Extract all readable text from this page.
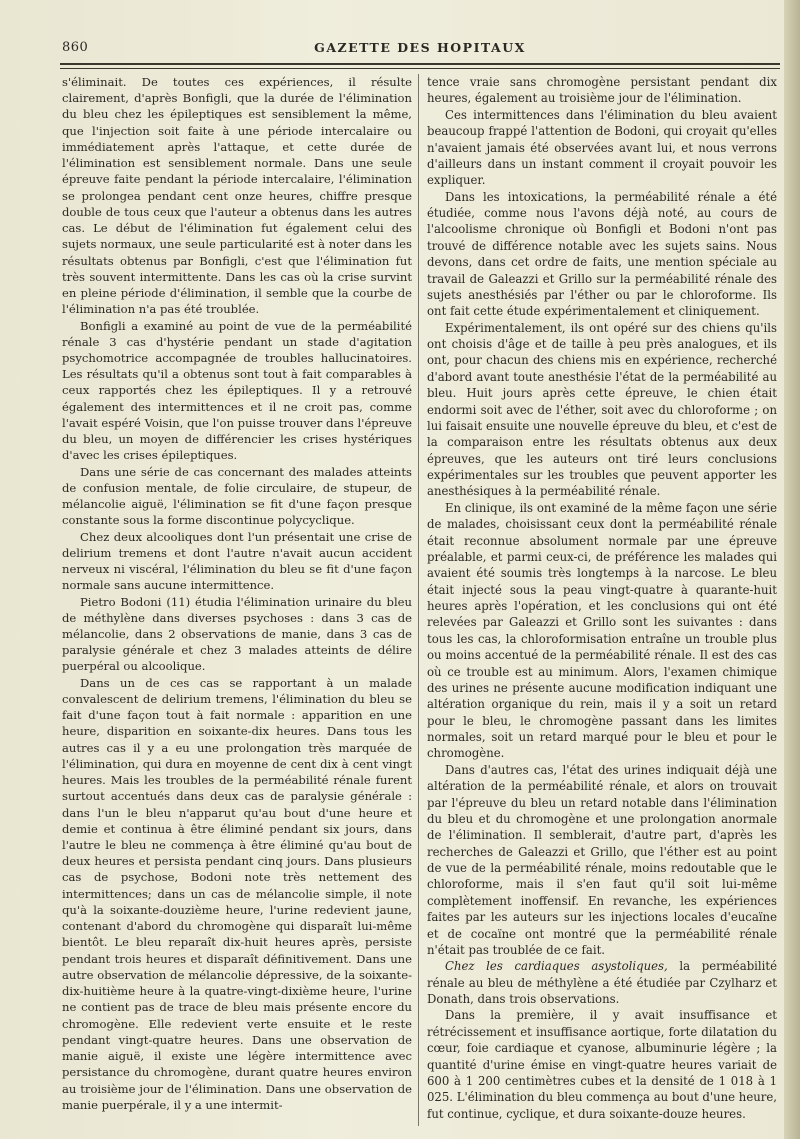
860	GAZETTE DES HOPITAUX

s'éliminait. De toutes ces expériences, il résulte clairement, d'après Bonfigli, que la durée de l'élimination du bleu chez les épileptiques est sensiblement la même, que l'injection soit faite à une période intercalaire ou immédiatement après l'attaque, et cette durée de l'élimination est sensiblement normale. Dans une seule épreuve faite pendant la période intercalaire, l'élimination se prolongea pendant cent onze heures, chiffre presque double de tous ceux que l'auteur a obtenus dans les autres cas. Le début de l'élimination fut également celui des sujets normaux, une seule particularité est à noter dans les résultats obtenus par Bonfigli, c'est que l'élimination fut très souvent intermittente. Dans les cas où la crise survint en pleine période d'élimination, il semble que la courbe de l'élimination n'a pas été troublée.

Bonfigli a examiné au point de vue de la perméabilité rénale 3 cas d'hystérie pendant un stade d'agitation psychomotrice accompagnée de troubles hallucinatoires. Les résultats qu'il a obtenus sont tout à fait comparables à ceux rapportés chez les épileptiques. Il y a retrouvé également des intermittences et il ne croit pas, comme l'avait espéré Voisin, que l'on puisse trouver dans l'épreuve du bleu, un moyen de différencier les crises hystériques d'avec les crises épileptiques.

Dans une série de cas concernant des malades atteints de confusion mentale, de folie circulaire, de stupeur, de mélancolie aiguë, l'élimination se fit d'une façon presque constante sous la forme discontinue polycyclique.

Chez deux alcooliques dont l'un présentait une crise de delirium tremens et dont l'autre n'avait aucun accident nerveux ni viscéral, l'élimination du bleu se fit d'une façon normale sans aucune intermittence.

Pietro Bodoni (11) étudia l'élimination urinaire du bleu de méthylène dans diverses psychoses : dans 3 cas de mélancolie, dans 2 observations de manie, dans 3 cas de paralysie générale et chez 3 malades atteints de délire puerpéral ou alcoolique.

Dans un de ces cas se rapportant à un malade convalescent de delirium tremens, l'élimination du bleu se fait d'une façon tout à fait normale : apparition en une heure, disparition en soixante-dix heures. Dans tous les autres cas il y a eu une prolongation très marquée de l'élimination, qui dura en moyenne de cent dix à cent vingt heures. Mais les troubles de la perméabilité rénale furent surtout accentués dans deux cas de paralysie générale : dans l'un le bleu n'apparut qu'au bout d'une heure et demie et continua à être éliminé pendant six jours, dans l'autre le bleu ne commença à être éliminé qu'au bout de deux heures et persista pendant cinq jours. Dans plusieurs cas de psychose, Bodoni note très nettement des intermittences; dans un cas de mélancolie simple, il note qu'à la soixante-douzième heure, l'urine redevient jaune, contenant d'abord du chromogène qui disparaît lui-même bientôt. Le bleu reparaît dix-huit heures après, persiste pendant trois heures et disparaît définitivement. Dans une autre observation de mélancolie dépressive, de la soixante-dix-huitième heure à la quatre-vingt-dixième heure, l'urine ne contient pas de trace de bleu mais présente encore du chromogène. Elle redevient verte ensuite et le reste pendant vingt-quatre heures. Dans une observation de manie aiguë, il existe une légère intermittence avec persistance du chromogène, durant quatre heures environ au troisième jour de l'élimination. Dans une observation de manie puerpérale, il y a une intermit-

tence vraie sans chromogène persistant pendant dix heures, également au troisième jour de l'élimination.

Ces intermittences dans l'élimination du bleu avaient beaucoup frappé l'attention de Bodoni, qui croyait qu'elles n'avaient jamais été observées avant lui, et nous verrons d'ailleurs dans un instant comment il croyait pouvoir les expliquer.

Dans les intoxications, la perméabilité rénale a été étudiée, comme nous l'avons déjà noté, au cours de l'alcoolisme chronique où Bonfigli et Bodoni n'ont pas trouvé de différence notable avec les sujets sains. Nous devons, dans cet ordre de faits, une mention spéciale au travail de Galeazzi et Grillo sur la perméabilité rénale des sujets anesthésiés par l'éther ou par le chloroforme. Ils ont fait cette étude expérimentalement et cliniquement.

Expérimentalement, ils ont opéré sur des chiens qu'ils ont choisis d'âge et de taille à peu près analogues, et ils ont, pour chacun des chiens mis en expérience, recherché d'abord avant toute anesthésie l'état de la perméabilité au bleu. Huit jours après cette épreuve, le chien était endormi soit avec de l'éther, soit avec du chloroforme ; on lui faisait ensuite une nouvelle épreuve du bleu, et c'est de la comparaison entre les résultats obtenus aux deux épreuves, que les auteurs ont tiré leurs conclusions expérimentales sur les troubles que peuvent apporter les anesthésiques à la perméabilité rénale.

En clinique, ils ont examiné de la même façon une série de malades, choisissant ceux dont la perméabilité rénale était reconnue absolument normale par une épreuve préalable, et parmi ceux-ci, de préférence les malades qui avaient été soumis très longtemps à la narcose. Le bleu était injecté sous la peau vingt-quatre à quarante-huit heures après l'opération, et les conclusions qui ont été relevées par Galeazzi et Grillo sont les suivantes : dans tous les cas, la chloroformisation entraîne un trouble plus ou moins accentué de la perméabilité rénale. Il est des cas où ce trouble est au minimum. Alors, l'examen chimique des urines ne présente aucune modification indiquant une altération organique du rein, mais il y a soit un retard pour le bleu, le chromogène passant dans les limites normales, soit un retard marqué pour le bleu et pour le chromogène.

Dans d'autres cas, l'état des urines indiquait déjà une altération de la perméabilité rénale, et alors on trouvait par l'épreuve du bleu un retard notable dans l'élimination du bleu et du chromogène et une prolongation anormale de l'élimination. Il semblerait, d'autre part, d'après les recherches de Galeazzi et Grillo, que l'éther est au point de vue de la perméabilité rénale, moins redoutable que le chloroforme, mais il s'en faut qu'il soit lui-même complètement inoffensif. En revanche, les expériences faites par les auteurs sur les injections locales d'eucaïne et de cocaïne ont montré que la perméabilité rénale n'était pas troublée de ce fait.

Chez les cardiaques asystoliques, la perméabilité rénale au bleu de méthylène a été étudiée par Czylharz et Donath, dans trois observations.

Dans la première, il y avait insuffisance et rétrécissement et insuffisance aortique, forte dilatation du cœur, foie cardiaque et cyanose, albuminurie légère ; la quantité d'urine émise en vingt-quatre heures variait de 600 à 1 200 centimètres cubes et la densité de 1 018 à 1 025. L'élimination du bleu commença au bout d'une heure, fut continue, cyclique, et dura soixante-douze heures.
